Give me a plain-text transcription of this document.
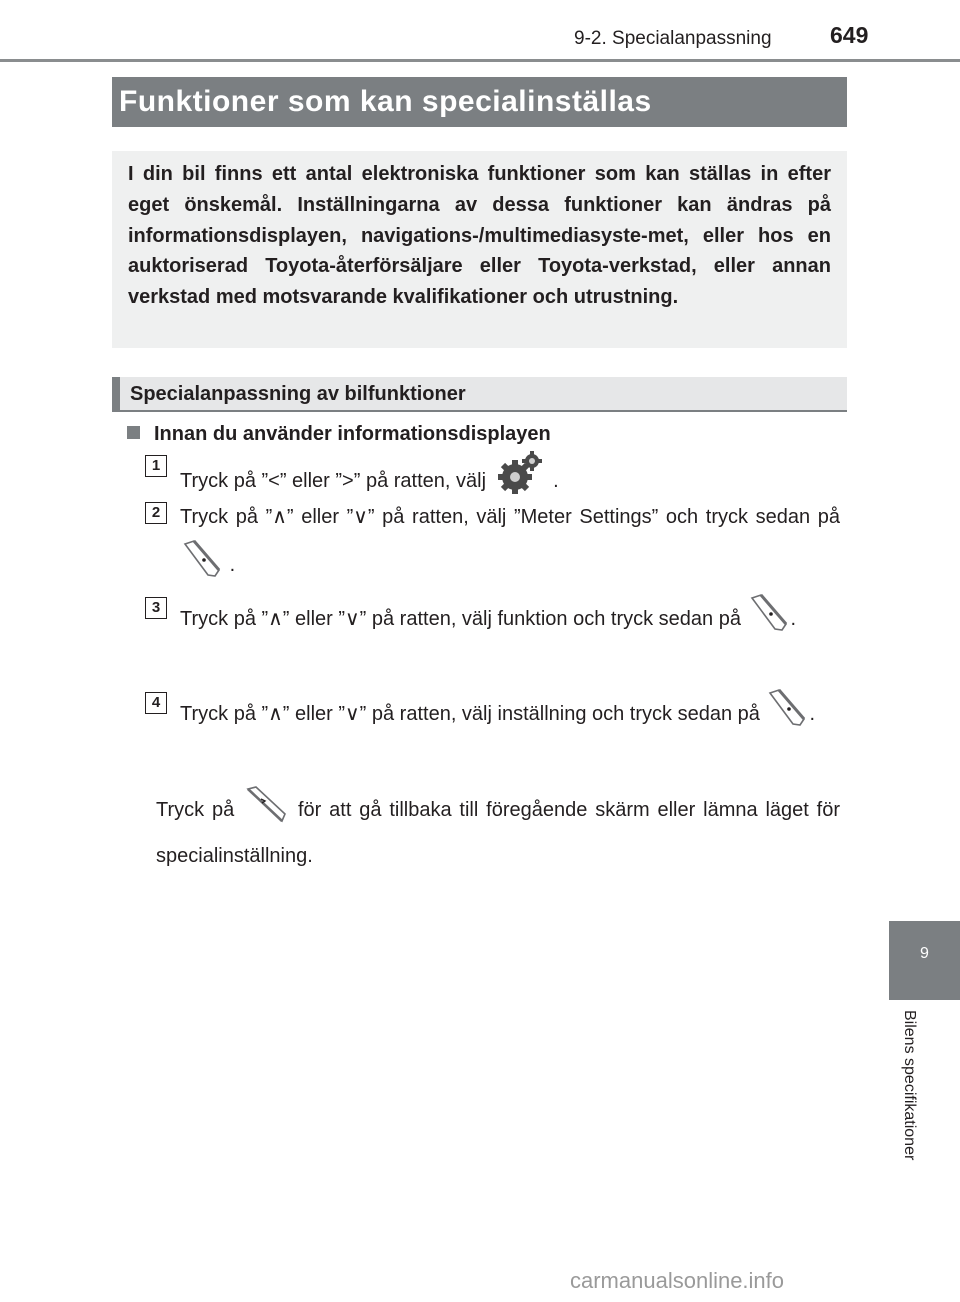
9-2. Specialanpassning	649
Funktioner som kan specialinställas
I din bil finns ett antal elektroniska funktioner som kan ställas in efter eget önskemål. Inställningarna av dessa funktioner kan ändras på informationsdisplayen, navigations-/multimediasyste-met, eller hos en auktoriserad Toyota-återförsäljare eller Toyota-verkstad, eller annan verkstad med motsvarande kvalifikationer och utrustning.
Specialanpassning av bilfunktioner
Innan du använder informationsdisplayen
1
Tryck på ”<” eller ”>” på ratten, välj	.
2 Tryck på ”∧” eller ”∨” på ratten, välj ”Meter Settings” och tryck sedan på  .
3
Tryck på ”∧” eller ”∨” på ratten, välj funktion och tryck sedan på .
4
Tryck på ”∧” eller ”∨” på ratten, välj inställning och tryck sedan på .
Tryck på	för att gå tillbaka till föregående skärm eller lämna läget för specialinställning.
9
Bilens specifikationer
carmanualsonline.info
